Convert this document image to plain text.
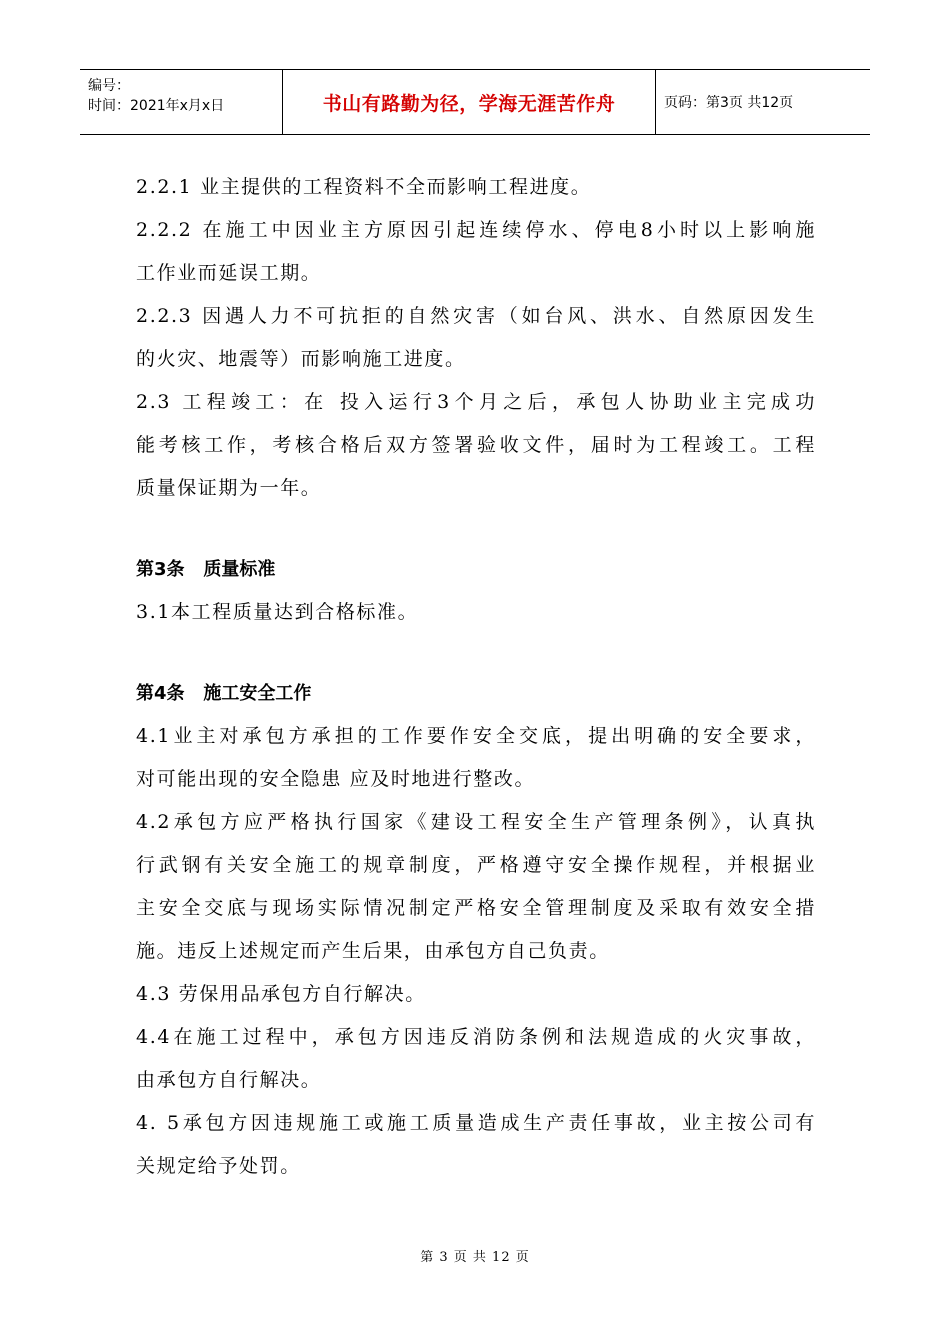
编号：
时间：2021年x月x日	书山有路勤为径，学海无涯苦作舟	页码：第3页 共12页

2.2.1 业主提供的工程资料不全而影响工程进度。

2.2.2 在施工中因业主方原因引起连续停水、停电8小时以上影响施

工作业而延误工期。

2.2.3 因遇人力不可抗拒的自然灾害（如台风、洪水、自然原因发生

的火灾、地震等）而影响施工进度。

2.3 工程竣工：在 投入运行3个月之后，承包人协助业主完成功

能考核工作，考核合格后双方签署验收文件，届时为工程竣工。工程

质量保证期为一年。

第3条   质量标准

3.1本工程质量达到合格标准。

第4条   施工安全工作

4.1业主对承包方承担的工作要作安全交底，提出明确的安全要求，

对可能出现的安全隐患 应及时地进行整改。

4.2承包方应严格执行国家《建设工程安全生产管理条例》，认真执

行武钢有关安全施工的规章制度，严格遵守安全操作规程，并根据业

主安全交底与现场实际情况制定严格安全管理制度及采取有效安全措

施。违反上述规定而产生后果，由承包方自己负责。

4.3 劳保用品承包方自行解决。

4.4在施工过程中，承包方因违反消防条例和法规造成的火灾事故，

由承包方自行解决。

4. 5承包方因违规施工或施工质量造成生产责任事故，业主按公司有

关规定给予处罚。

第 3 页 共 12 页
